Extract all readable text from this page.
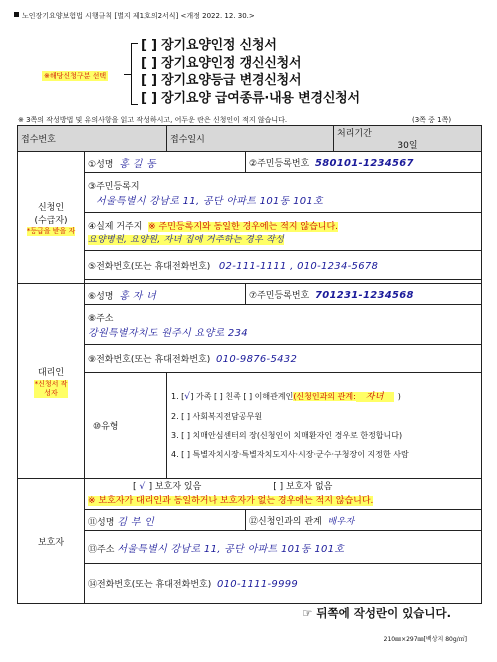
노인장기요양보험법 시행규칙 [별지 제1호의2서식] <개정 2022. 12. 30.>
※해당신청구분 선택
[ ] 장기요양인정 신청서
[ ] 장기요양인정 갱신신청서
[ ] 장기요양등급 변경신청서
[ ] 장기요양 급여종류·내용 변경신청서
※ 3쪽의 작성방법 및 유의사항을 읽고 작성하시고, 어두운 란은 신청인이 적지 않습니다.	(3쪽 중 1쪽)
접수번호		접수일시		처리기간
30일

신청인
(수급자)
*등급을 받을 자	①성명 홍 길 동		②주민등록번호 580101-1234567	

	③주민등록지
서울특별시 강남로 11, 공단 아파트 101동 101호			

	④실제 거주지 ※ 주민등록지와 동일한 경우에는 적지 않습니다.
요양병원, 요양원, 자녀 집에 거주하는 경우 작성			
	⑤전화번호(또는 휴대전화번호) 02-111-1111 , 010-1234-5678			

대리인
*신청서 작성자	⑥성명 홍 자 녀		⑦주민등록번호 701231-1234568	

	⑧주소
강원특별자치도 원주시 요양로 234			
	⑨전화번호(또는 휴대전화번호) 010-9876-5432			
	⑩유형	1. [√] 가족 [ ] 친족 [ ] 이해관계인(신청인과의 관계: 자녀 )
2. [ ] 사회복지전담공무원
3. [ ] 치매안심센터의 장(신청인이 치매환자인 경우로 한정합니다)
4. [ ] 특별자치시장·특별자치도지사·시장·군수·구청장이 지정한 사람		

보호자	[ √ ] 보호자 있음 [ ] 보호자 없음
※ 보호자가 대리인과 동일하거나 보호자가 없는 경우에는 적지 않습니다.			

	⑪성명 김 부 인		⑫신청인과의 관계 배우자	
	⑬주소 서울특별시 강남로 11, 공단 아파트 101동 101호			
	⑭전화번호(또는 휴대전화번호) 010-1111-9999			
☞ 뒤쪽에 작성란이 있습니다.
210㎜×297㎜[백상지 80g/㎡]
